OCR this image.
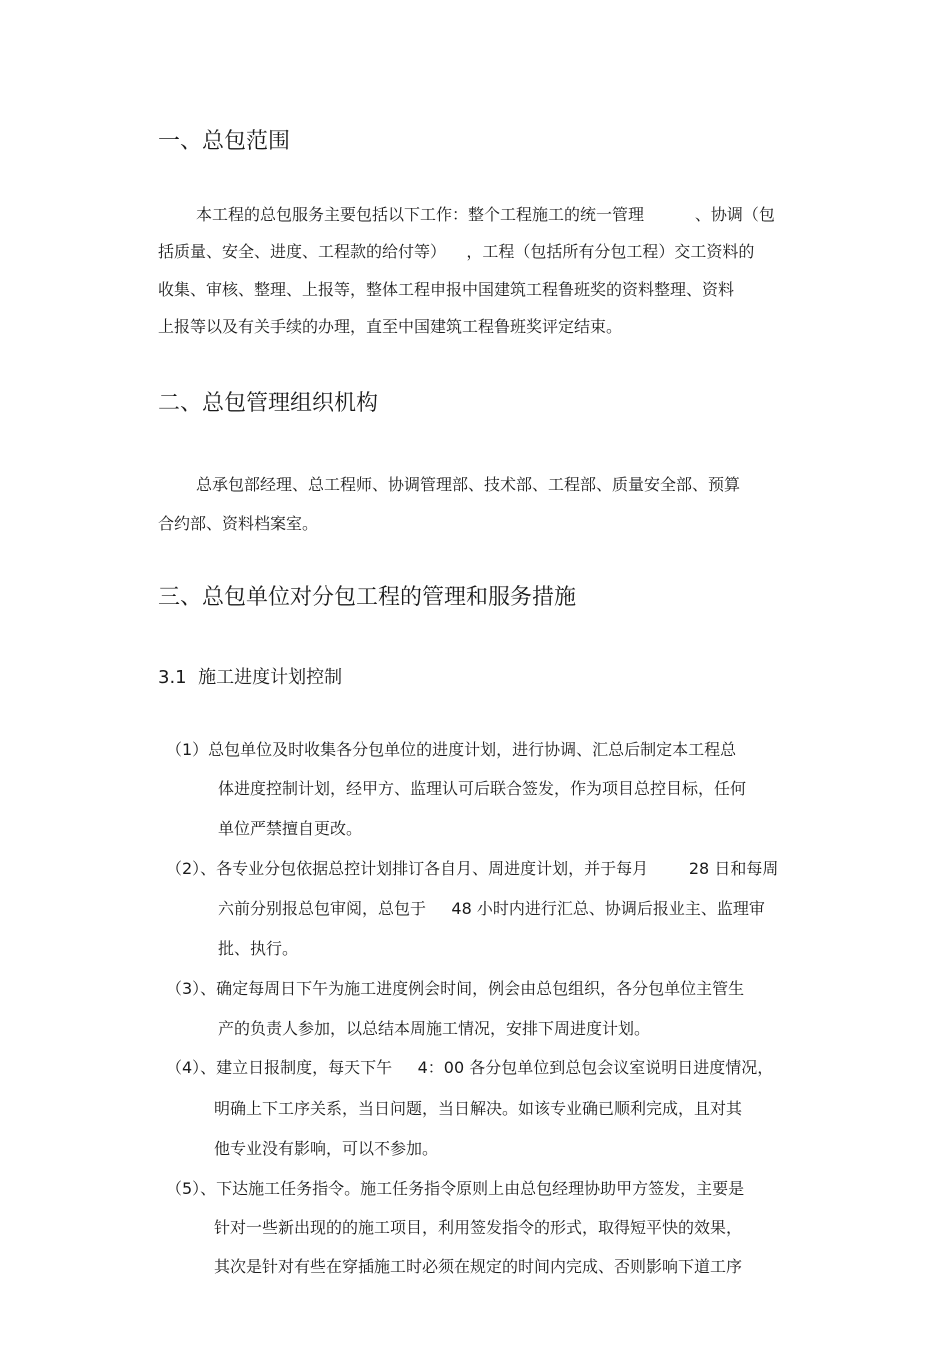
一、总包范围
本工程的总包服务主要包括以下工作：整个工程施工的统一管理          、协调（包
括质量、安全、进度、工程款的给付等）    ，工程（包括所有分包工程）交工资料的
收集、审核、整理、上报等，整体工程申报中国建筑工程鲁班奖的资料整理、资料
上报等以及有关手续的办理，直至中国建筑工程鲁班奖评定结束。
二、总包管理组织机构
总承包部经理、总工程师、协调管理部、技术部、工程部、质量安全部、预算
合约部、资料档案室。
三、总包单位对分包工程的管理和服务措施
3.1  施工进度计划控制
（1）总包单位及时收集各分包单位的进度计划，进行协调、汇总后制定本工程总
体进度控制计划，经甲方、监理认可后联合签发，作为项目总控目标，任何
单位严禁擅自更改。
（2）、各专业分包依据总控计划排订各自月、周进度计划，并于每月        28 日和每周
六前分别报总包审阅，总包于     48 小时内进行汇总、协调后报业主、监理审
批、执行。
（3）、确定每周日下午为施工进度例会时间，例会由总包组织，各分包单位主管生
产的负责人参加，以总结本周施工情况，安排下周进度计划。
（4）、建立日报制度，每天下午     4：00 各分包单位到总包会议室说明日进度情况，
明确上下工序关系，当日问题，当日解决。如该专业确已顺利完成，且对其
他专业没有影响，可以不参加。
（5）、下达施工任务指令。施工任务指令原则上由总包经理协助甲方签发，主要是
针对一些新出现的的施工项目，利用签发指令的形式，取得短平快的效果，
其次是针对有些在穿插施工时必须在规定的时间内完成、否则影响下道工序
